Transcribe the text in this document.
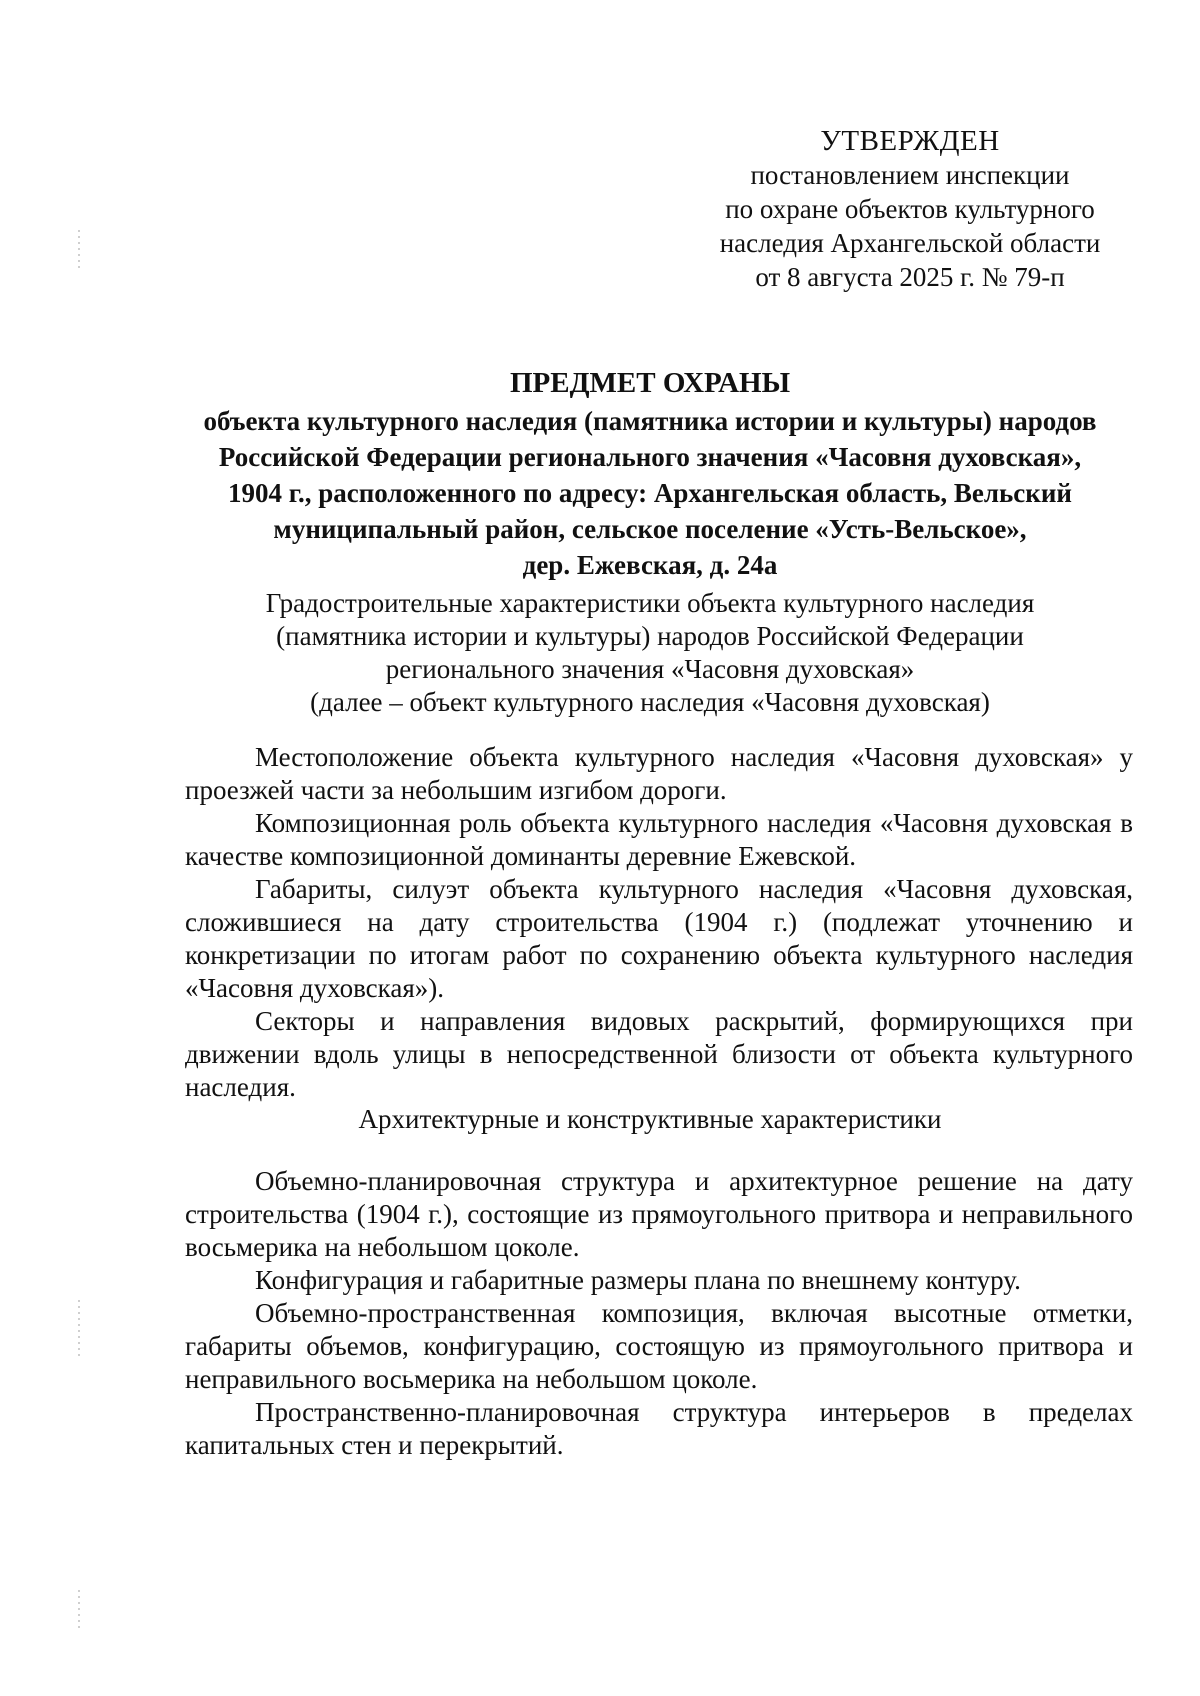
УТВЕРЖДЕН
постановлением инспекции
по охране объектов культурного
наследия Архангельской области
от 8 августа 2025 г. № 79-п
ПРЕДМЕТ ОХРАНЫ
объекта культурного наследия (памятника истории и культуры) народов
Российской Федерации регионального значения «Часовня духовская»,
1904 г., расположенного по адресу: Архангельская область, Вельский
муниципальный район, сельское поселение «Усть-Вельское»,
дер. Ежевская, д. 24а
Градостроительные характеристики объекта культурного наследия
(памятника истории и культуры) народов Российской Федерации
регионального значения «Часовня духовская»
(далее – объект культурного наследия «Часовня духовская)
Местоположение объекта культурного наследия «Часовня духовская» у проезжей части за небольшим изгибом дороги.
Композиционная роль объекта культурного наследия «Часовня духовская в качестве композиционной доминанты деревние Ежевской.
Габариты, силуэт объекта культурного наследия «Часовня духовская, сложившиеся на дату строительства (1904 г.) (подлежат уточнению и конкретизации по итогам работ по сохранению объекта культурного наследия «Часовня духовская»).
Секторы и направления видовых раскрытий, формирующихся при движении вдоль улицы в непосредственной близости от объекта культурного наследия.
Архитектурные и конструктивные характеристики
Объемно-планировочная структура и архитектурное решение на дату строительства (1904 г.), состоящие из прямоугольного притвора и неправильного восьмерика на небольшом цоколе.
Конфигурация и габаритные размеры плана по внешнему контуру.
Объемно-пространственная композиция, включая высотные отметки, габариты объемов, конфигурацию, состоящую из прямоугольного притвора и неправильного восьмерика на небольшом цоколе.
Пространственно-планировочная структура интерьеров в пределах капитальных стен и перекрытий.
